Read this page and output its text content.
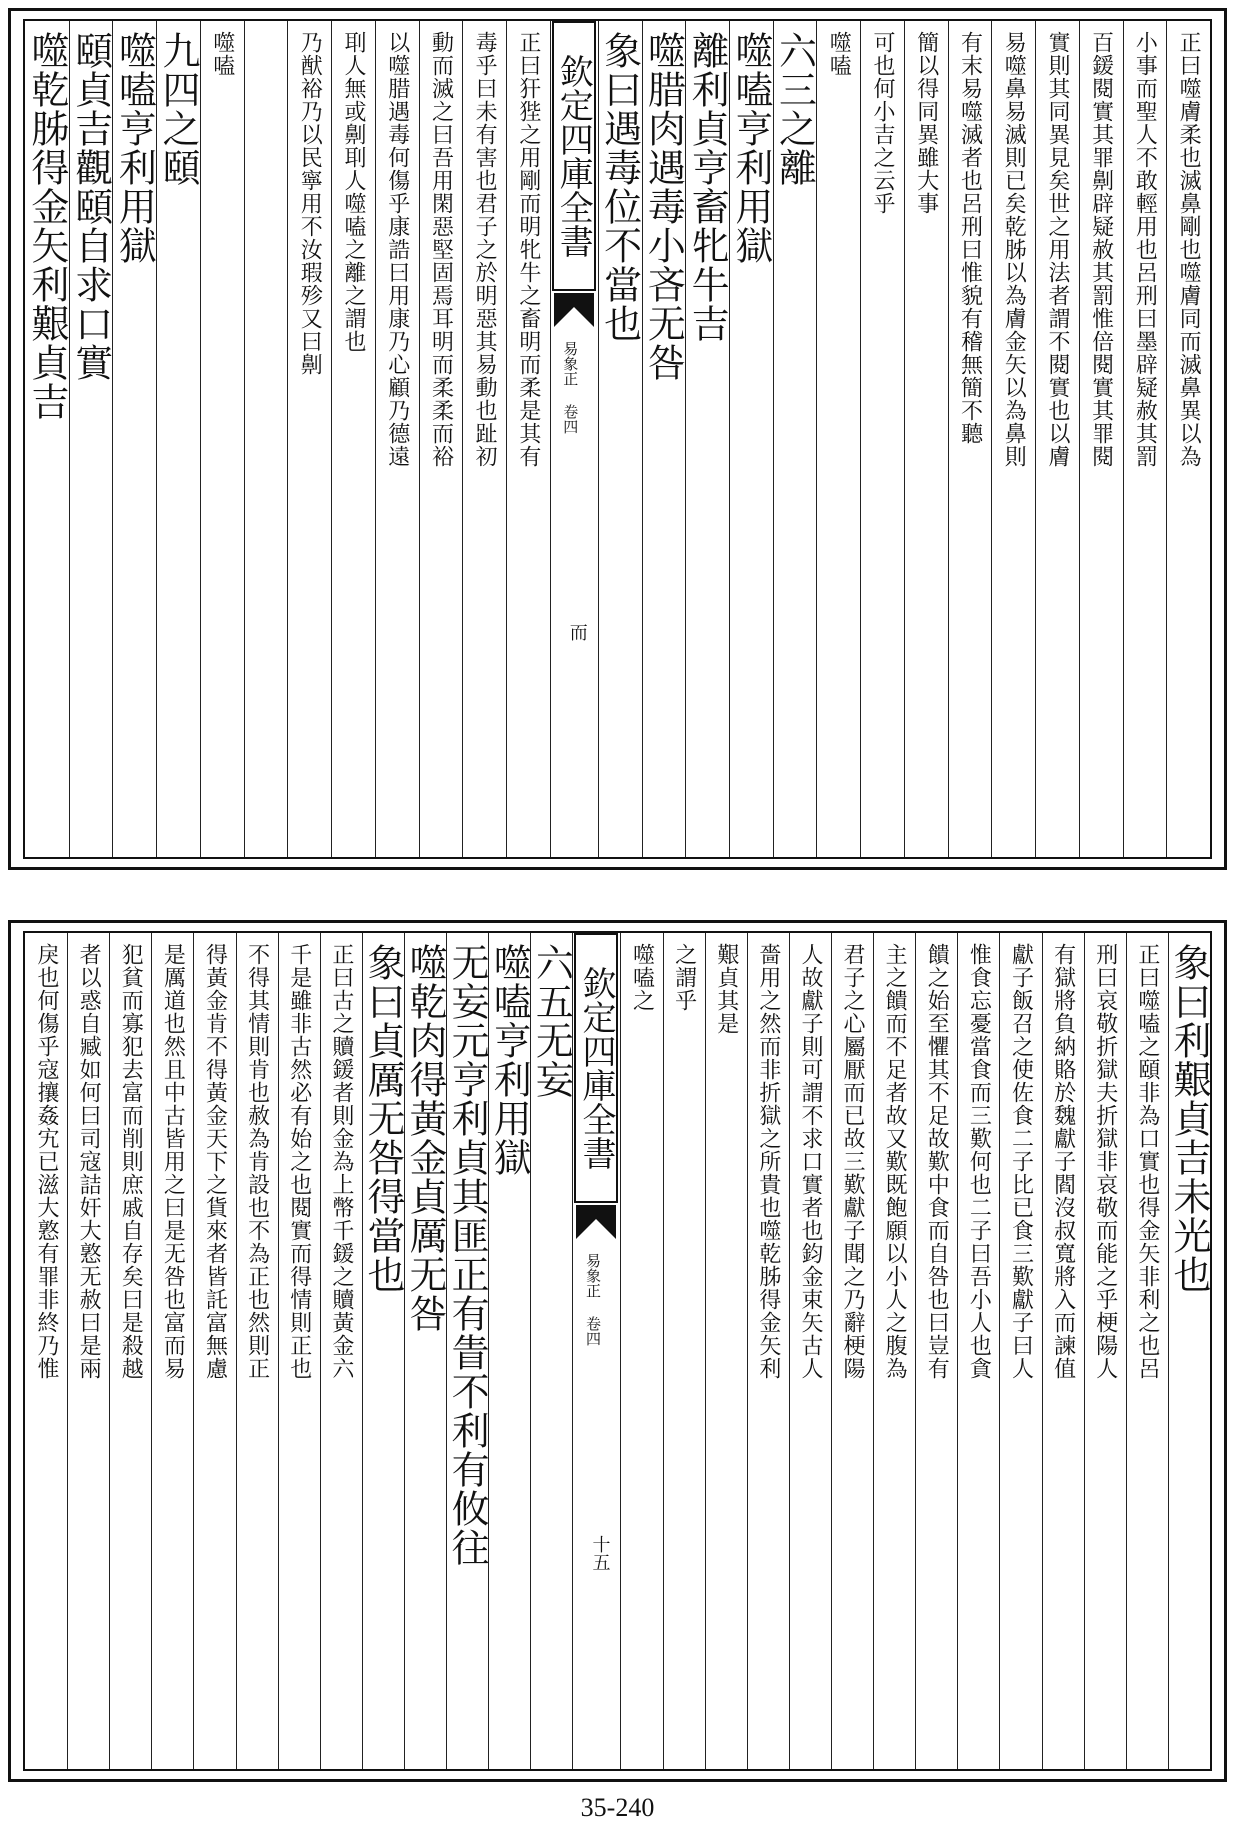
噬乾胏得金矢利艱貞吉 頤貞吉觀頤自求口實 噬嗑亨利用獄 九四之頤 噬嗑	乃猷裕乃以民寧用不汝瑕殄又曰劓 刵人無或劓刵人噬嗑之離之謂也 以噬腊遇毒何傷乎康誥曰用康乃心顧乃德遠 動而滅之曰吾用閑惡堅固焉耳明而柔柔而裕 毒乎曰未有害也君子之於明惡其易動也趾初 正曰犴狴之用剛而明牝牛之畜明而柔是其有 欽定四庫全書
易象正 卷四
而
象曰遇毒位不當也 噬腊肉遇毒小吝无咎 離利貞亨畜牝牛吉 噬嗑亨利用獄 六三之離 噬嗑 可也何小吉之云乎 簡以得同異雖大事 有末易噬滅者也呂刑曰惟貌有稽無簡不聽 易噬鼻易滅則已矣乾胏以為膚金矢以為鼻則 實則其同異見矣世之用法者謂不閱實也以膚 百鍰閱實其罪劓辟疑赦其罰惟倍閱實其罪閱 小事而聖人不敢輕用也呂刑曰墨辟疑赦其罰 正曰噬膚柔也滅鼻剛也噬膚同而滅鼻異以為
戾也何傷乎寇攘姦宄已滋大憝有罪非終乃惟 者以惑自臧如何曰司寇詰奸大憝无赦曰是兩 犯貧而寡犯去富而削則庶戚自存矣曰是殺越 是厲道也然且中古皆用之曰是无咎也富而易 得黃金肯不得黃金天下之貨來者皆託富無慮 不得其情則肯也赦為肯設也不為正也然則正 千是雖非古然必有始之也閱實而得情則正也 正曰古之贖鍰者則金為上幣千鍰之贖黃金六 象曰貞厲无咎得當也
噬乾肉得黃金貞厲无咎
无妄元亨利貞其匪正有眚不利有攸往
噬嗑亨利用獄
六五无妄 欽定四庫全書
易象正 卷四
十五
噬嗑之 之謂乎 艱貞其是 嗇用之然而非折獄之所貴也噬乾胏得金矢利 人故獻子則可謂不求口實者也鈞金束矢古人 君子之心屬厭而已故三歎獻子聞之乃辭梗陽 主之饋而不足者故又歎既飽願以小人之腹為 饋之始至懼其不足故歎中食而自咎也曰豈有 惟食忘憂當食而三歎何也二子曰吾小人也貪 獻子飯召之使佐食二子比已食三歎獻子曰人 有獄將負納賂於魏獻子閻沒叔寬將入而諫值 刑曰哀敬折獄夫折獄非哀敬而能之乎梗陽人 正曰噬嗑之頤非為口實也得金矢非利之也呂 象曰利艱貞吉未光也
35-240
